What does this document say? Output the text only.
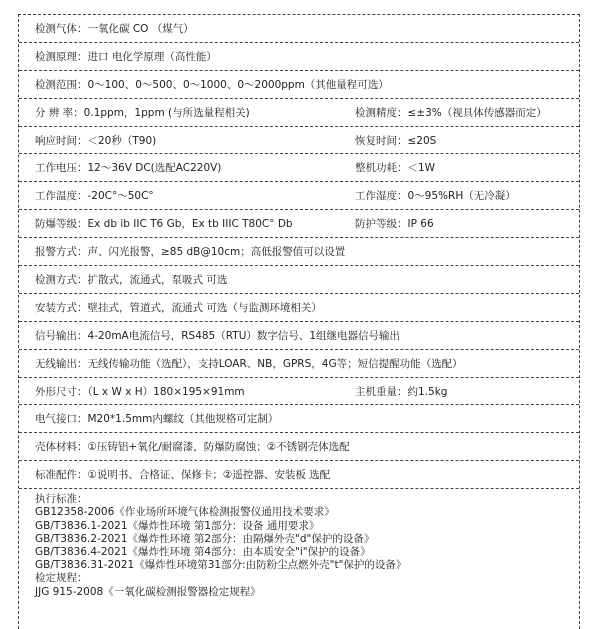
检测气体：一氧化碳 CO （煤气）
检测原理：进口 电化学原理（高性能）
检测范围：0～100、0～500、0～1000、0～2000ppm（其他量程可选）
分 辨 率：0.1ppm，1ppm (与所选量程相关)	检测精度：≤±3%（视具体传感器而定）
响应时间：＜20秒（T90)	恢复时间：≤20S
工作电压：12～36V DC(选配AC220V)	整机功耗：＜1W
工作温度：-20C°～50C°	工作湿度：0～95%RH（无冷凝）
防爆等级：Ex db ib IIC T6 Gb，Ex tb IIIC T80C° Db	防护等级：IP 66
报警方式：声、闪光报警，≥85 dB@10cm；高低报警值可以设置
检测方式：扩散式，流通式，泵吸式 可选
安装方式：壁挂式，管道式，流通式 可选（与监测环境相关）
信号输出：4-20mA电流信号，RS485（RTU）数字信号、1组继电器信号输出
无线输出：无线传输功能（选配），支持LOAR、NB，GPRS，4G等；短信提醒功能（选配）
外形尺寸：（L x W x H）180×195×91mm	主机重量：约1.5kg
电气接口：M20*1.5mm内螺纹（其他规格可定制）
壳体材料：①压铸铝+氧化/耐腐漆，防爆防腐蚀；②不锈钢壳体选配
标准配件：①说明书、合格证、保修卡；②遥控器、安装板 选配
执行标准：
GB12358-2006《作业场所环境气体检测报警仪通用技术要求》
GB/T3836.1-2021《爆炸性环境 第1部分：设备 通用要求》
GB/T3836.2-2021《爆炸性环境 第2部分：由隔爆外壳"d"保护的设备》
GB/T3836.4-2021《爆炸性环境 第4部分：由本质安全"i"保护的设备》
GB/T3836.31-2021《爆炸性环境第31部分:由防粉尘点燃外壳"t"保护的设备》
检定规程：
JJG 915-2008《一氧化碳检测报警器检定规程》
